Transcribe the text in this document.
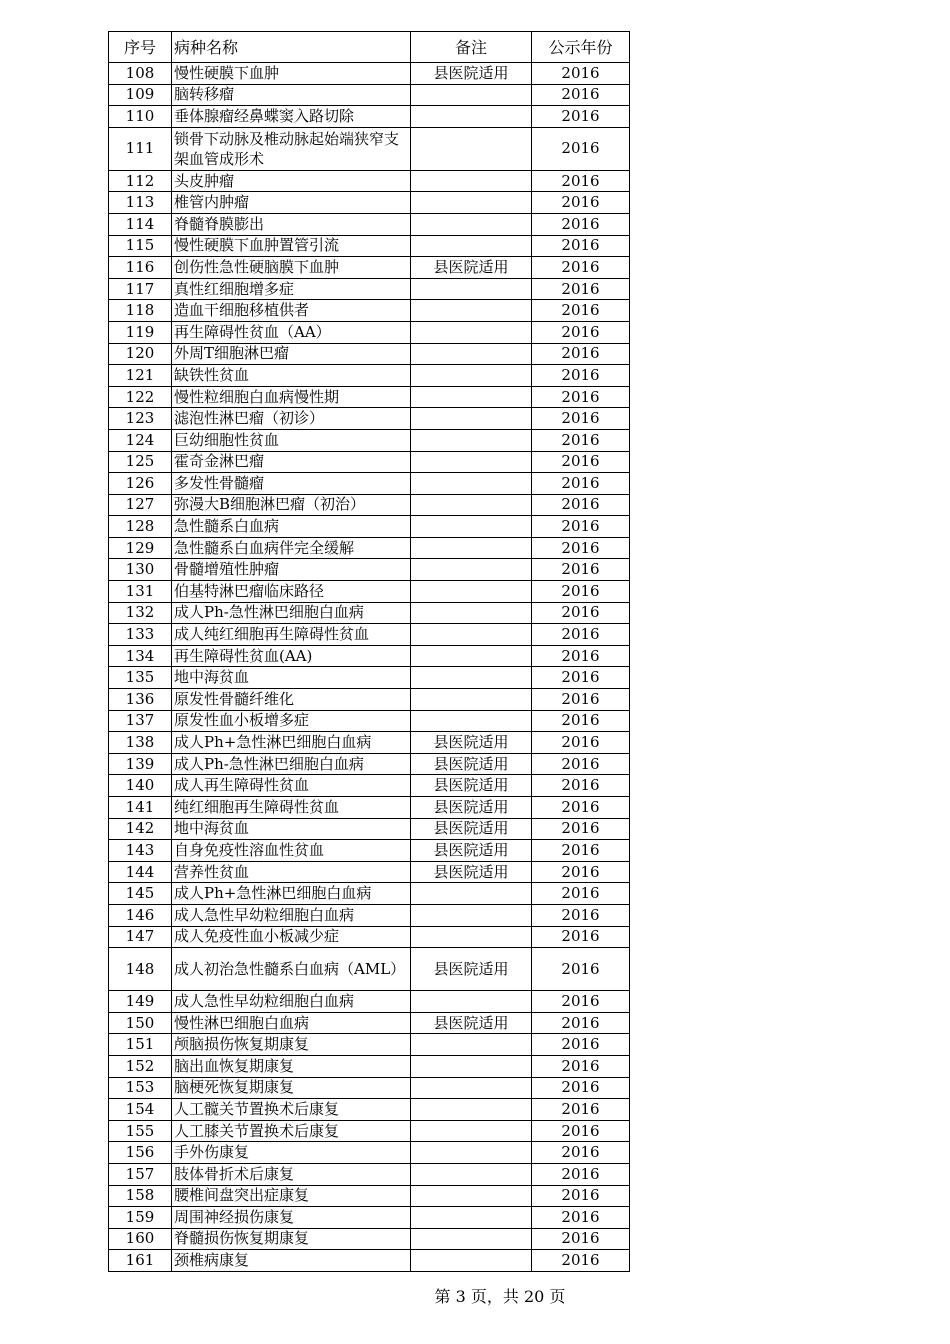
序号	病种名称	备注	公示年份
108	慢性硬膜下血肿	县医院适用	2016
109	脑转移瘤		2016
110	垂体腺瘤经鼻蝶窦入路切除		2016
111	锁骨下动脉及椎动脉起始端狭窄支架血管成形术		2016
112	头皮肿瘤		2016
113	椎管内肿瘤		2016
114	脊髓脊膜膨出		2016
115	慢性硬膜下血肿置管引流		2016
116	创伤性急性硬脑膜下血肿	县医院适用	2016
117	真性红细胞增多症		2016
118	造血干细胞移植供者		2016
119	再生障碍性贫血（AA）		2016
120	外周T细胞淋巴瘤		2016
121	缺铁性贫血		2016
122	慢性粒细胞白血病慢性期		2016
123	滤泡性淋巴瘤（初诊）		2016
124	巨幼细胞性贫血		2016
125	霍奇金淋巴瘤		2016
126	多发性骨髓瘤		2016
127	弥漫大B细胞淋巴瘤（初治）		2016
128	急性髓系白血病		2016
129	急性髓系白血病伴完全缓解		2016
130	骨髓增殖性肿瘤		2016
131	伯基特淋巴瘤临床路径		2016
132	成人Ph-急性淋巴细胞白血病		2016
133	成人纯红细胞再生障碍性贫血		2016
134	再生障碍性贫血(AA)		2016
135	地中海贫血		2016
136	原发性骨髓纤维化		2016
137	原发性血小板增多症		2016
138	成人Ph+急性淋巴细胞白血病	县医院适用	2016
139	成人Ph-急性淋巴细胞白血病	县医院适用	2016
140	成人再生障碍性贫血	县医院适用	2016
141	纯红细胞再生障碍性贫血	县医院适用	2016
142	地中海贫血	县医院适用	2016
143	自身免疫性溶血性贫血	县医院适用	2016
144	营养性贫血	县医院适用	2016
145	成人Ph+急性淋巴细胞白血病		2016
146	成人急性早幼粒细胞白血病		2016
147	成人免疫性血小板减少症		2016
148	成人初治急性髓系白血病（AML）	县医院适用	2016
149	成人急性早幼粒细胞白血病		2016
150	慢性淋巴细胞白血病	县医院适用	2016
151	颅脑损伤恢复期康复		2016
152	脑出血恢复期康复		2016
153	脑梗死恢复期康复		2016
154	人工髋关节置换术后康复		2016
155	人工膝关节置换术后康复		2016
156	手外伤康复		2016
157	肢体骨折术后康复		2016
158	腰椎间盘突出症康复		2016
159	周围神经损伤康复		2016
160	脊髓损伤恢复期康复		2016
161	颈椎病康复		2016
第 3 页，共 20 页
